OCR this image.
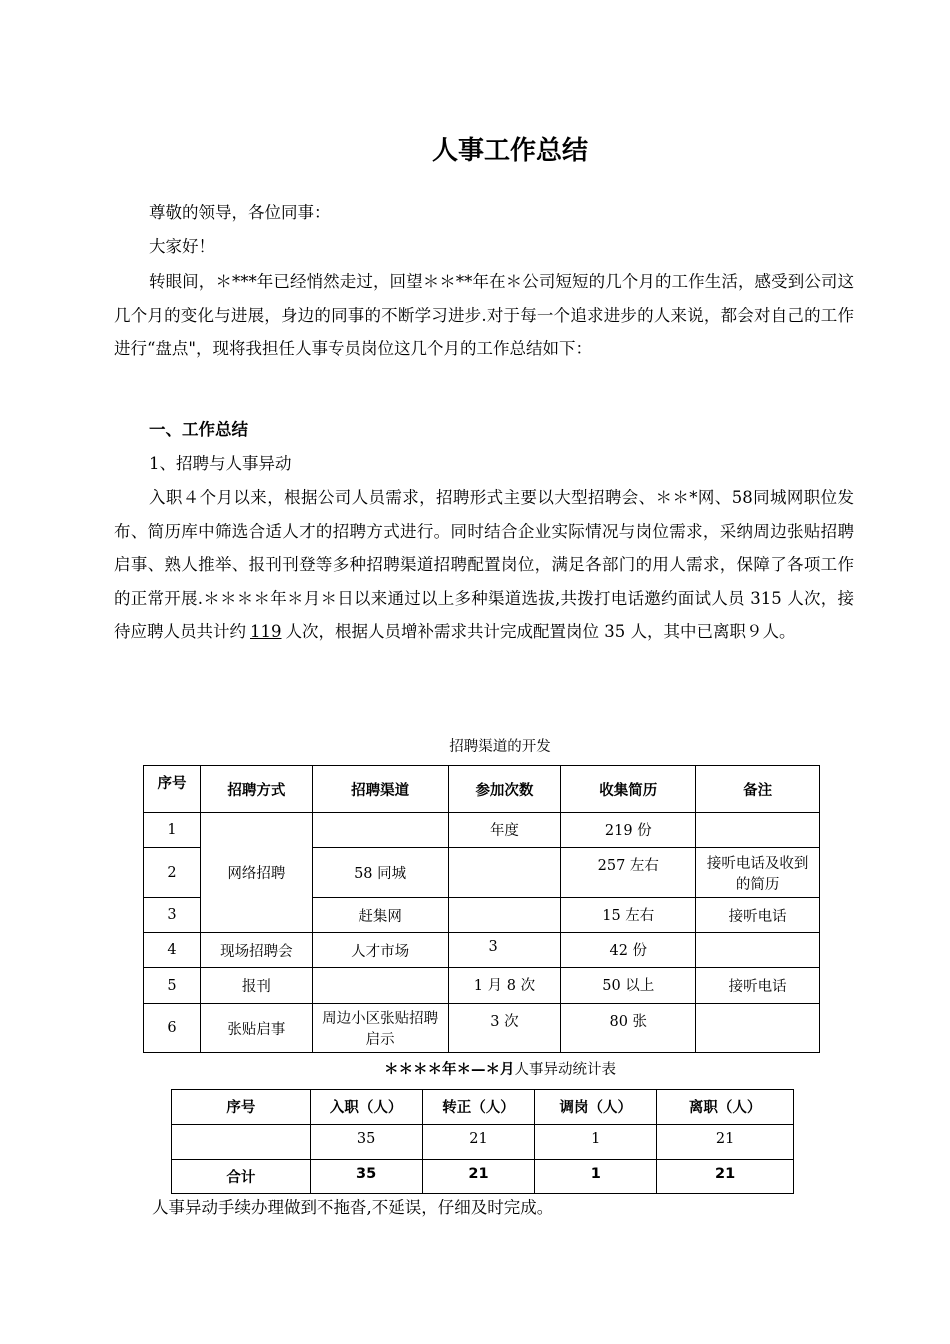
人事工作总结
尊敬的领导，各位同事：
大家好！
转眼间，＊***年已经悄然走过，回望＊＊**年在＊公司短短的几个月的工作生活，感受到公司这几个月的变化与进展，身边的同事的不断学习进步.对于每一个追求进步的人来说，都会对自己的工作进行“盘点"，现将我担任人事专员岗位这几个月的工作总结如下：
一、工作总结
1、招聘与人事异动
入职４个月以来，根据公司人员需求，招聘形式主要以大型招聘会、＊＊*网、58同城网职位发布、简历库中筛选合适人才的招聘方式进行。同时结合企业实际情况与岗位需求，采纳周边张贴招聘启事、熟人推举、报刊刊登等多种招聘渠道招聘配置岗位，满足各部门的用人需求，保障了各项工作的正常开展.＊＊＊＊年＊月＊日以来通过以上多种渠道选拔,共拨打电话邀约面试人员 315 人次，接待应聘人员共计约 119 人次，根据人员增补需求共计完成配置岗位 35 人，其中已离职９人。
招聘渠道的开发
序号	招聘方式	招聘渠道	参加次数	收集简历	备注
1	网络招聘		年度	219 份	
2		58 同城		257 左右	接听电话及收到的简历
3		赶集网		15 左右	接听电话
4	现场招聘会	人才市场	3	42 份	
5	报刊		1 月 8 次	50 以上	接听电话
6	张贴启事	周边小区张贴招聘启示	3 次	80 张	
＊＊＊＊年＊—＊月人事异动统计表
序号	入职（人）	转正（人）	调岗（人）	离职（人）
	35	21	1	21
合计	35	21	1	21
人事异动手续办理做到不拖沓,不延误，仔细及时完成。
